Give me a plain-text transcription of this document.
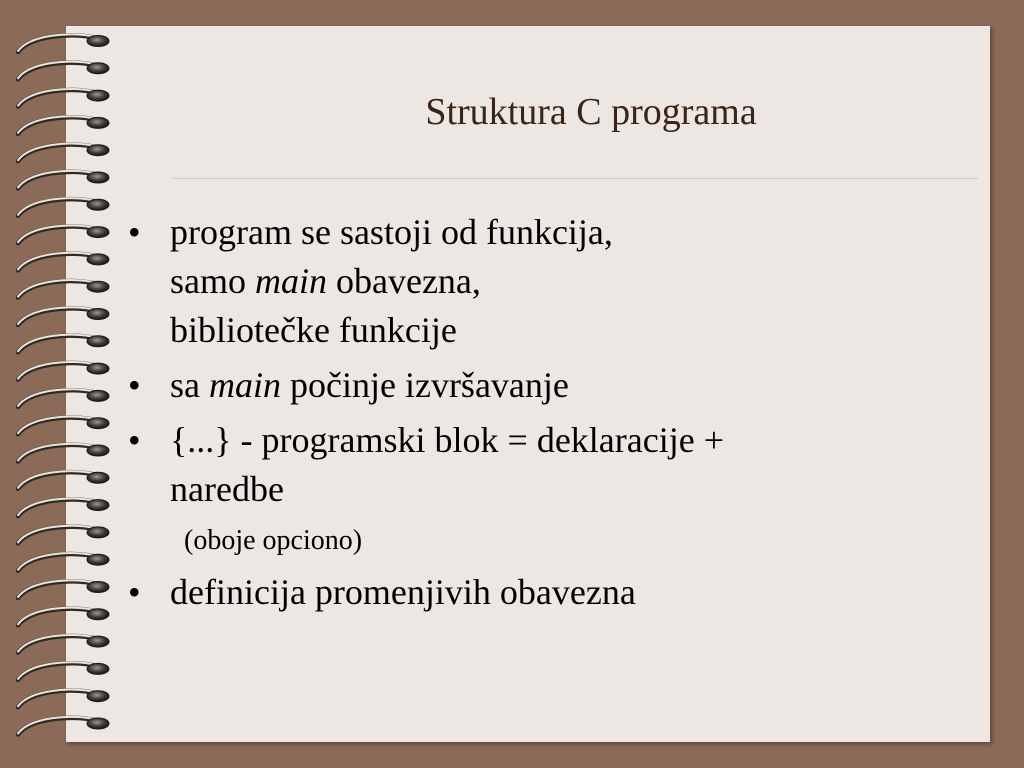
Struktura C programa
• program se sastoji od funkcija,
samo main obavezna,
bibliotečke funkcije
• sa main počinje izvršavanje
• {...} - programski blok = deklaracije +
naredbe
(oboje opciono)
• definicija promenjivih obavezna
